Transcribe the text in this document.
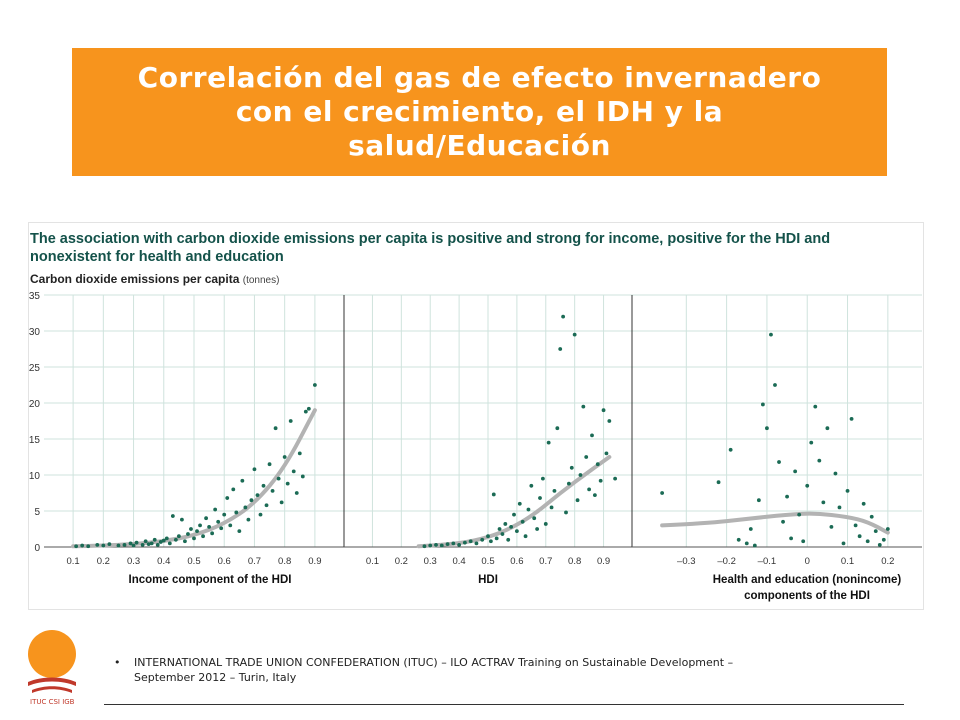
Correlación del gas de efecto invernadero
con el crecimiento, el IDH y la
salud/Educación
The association with carbon dioxide emissions per capita is positive and strong for income, positive for the HDI and nonexistent for health and education
Carbon dioxide emissions per capita (tonnes)
0
5
10
15
20
25
30
35
0.1 0.2 0.3 0.4 0.5 0.6 0.7 0.8 0.9
Income component of the HDI
0.1 0.2 0.3 0.4 0.5 0.6 0.7 0.8 0.9
HDI
–0.3 –0.2 –0.1	0	0.1	0.2
Health and education (nonincome)
components of the HDI
•	INTERNATIONAL TRADE UNION CONFEDERATION (ITUC) – ILO ACTRAV Training on Sustainable Development – September 2012 – Turin, Italy
ITUC CSI IGB
